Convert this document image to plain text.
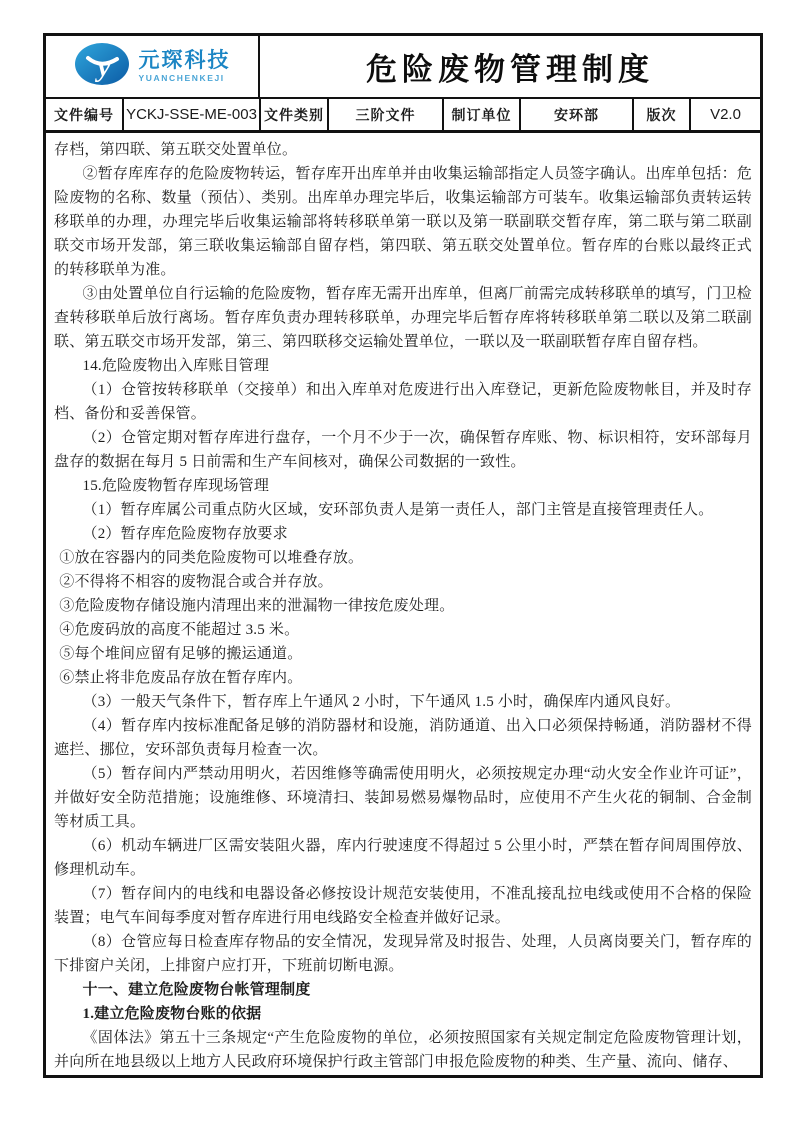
y 元琛科技
YUANCHENKEJI	危险废物管理制度
文件编号 YCKJ-SSE-ME-003 文件类别	三阶文件	制订单位	安环部	版次	V2.0
存档，第四联、第五联交处置单位。
②暂存库库存的危险废物转运，暂存库开出库单并由收集运输部指定人员签字确认。出库单包括：危险废物的名称、数量（预估）、类别。出库单办理完毕后，收集运输部方可装车。收集运输部负责转运转移联单的办理，办理完毕后收集运输部将转移联单第一联以及第一联副联交暂存库，第二联与第二联副联交市场开发部，第三联收集运输部自留存档，第四联、第五联交处置单位。暂存库的台账以最终正式的转移联单为准。
③由处置单位自行运输的危险废物，暂存库无需开出库单，但离厂前需完成转移联单的填写，门卫检查转移联单后放行离场。暂存库负责办理转移联单，办理完毕后暂存库将转移联单第二联以及第二联副联、第五联交市场开发部，第三、第四联移交运输处置单位，一联以及一联副联暂存库自留存档。
14.危险废物出入库账目管理
（1）仓管按转移联单（交接单）和出入库单对危废进行出入库登记，更新危险废物帐目，并及时存档、备份和妥善保管。
（2）仓管定期对暂存库进行盘存，一个月不少于一次，确保暂存库账、物、标识相符，安环部每月盘存的数据在每月 5 日前需和生产车间核对，确保公司数据的一致性。
15.危险废物暂存库现场管理
（1）暂存库属公司重点防火区域，安环部负责人是第一责任人，部门主管是直接管理责任人。
（2）暂存库危险废物存放要求
①放在容器内的同类危险废物可以堆叠存放。
②不得将不相容的废物混合或合并存放。
③危险废物存储设施内清理出来的泄漏物一律按危废处理。
④危废码放的高度不能超过 3.5 米。
⑤每个堆间应留有足够的搬运通道。
⑥禁止将非危废品存放在暂存库内。
（3）一般天气条件下，暂存库上午通风 2 小时，下午通风 1.5 小时，确保库内通风良好。
（4）暂存库内按标准配备足够的消防器材和设施，消防通道、出入口必须保持畅通，消防器材不得遮拦、挪位，安环部负责每月检查一次。
（5）暂存间内严禁动用明火，若因维修等确需使用明火，必须按规定办理“动火安全作业许可证”，并做好安全防范措施；设施维修、环境清扫、装卸易燃易爆物品时，应使用不产生火花的铜制、合金制等材质工具。
（6）机动车辆进厂区需安装阻火器，库内行驶速度不得超过 5 公里小时，严禁在暂存间周围停放、修理机动车。
（7）暂存间内的电线和电器设备必修按设计规范安装使用，不准乱接乱拉电线或使用不合格的保险装置；电气车间每季度对暂存库进行用电线路安全检查并做好记录。
（8）仓管应每日检查库存物品的安全情况，发现异常及时报告、处理，人员离岗要关门，暂存库的下排窗户关闭，上排窗户应打开，下班前切断电源。
十一、建立危险废物台帐管理制度
1.建立危险废物台账的依据
《固体法》第五十三条规定“产生危险废物的单位，必须按照国家有关规定制定危险废物管理计划，并向所在地县级以上地方人民政府环境保护行政主管部门申报危险废物的种类、生产量、流向、储存、
